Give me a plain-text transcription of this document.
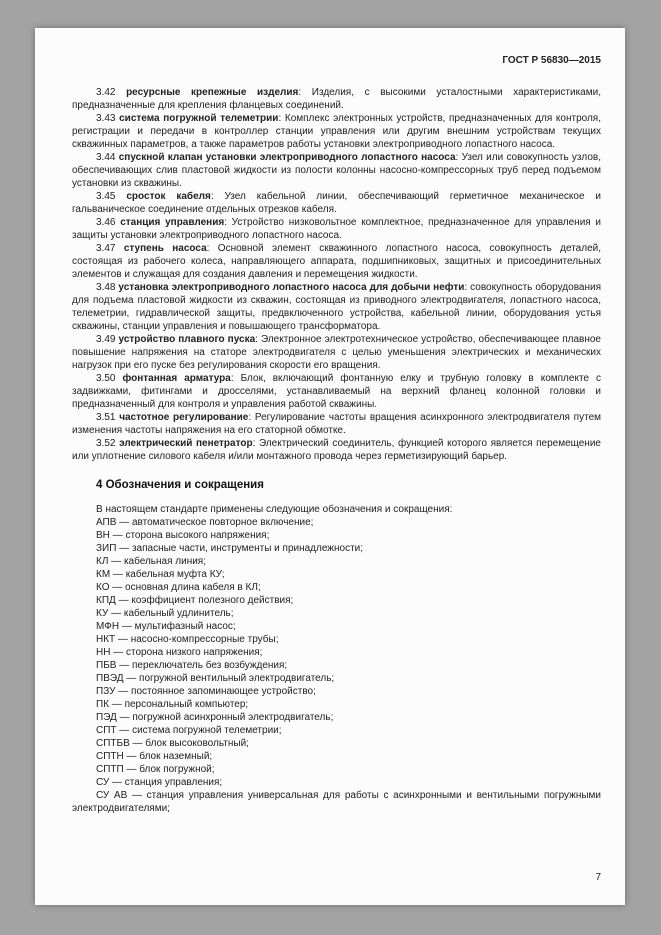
ГОСТ Р 56830—2015

3.42 ресурсные крепежные изделия: Изделия, с высокими усталостными характеристиками, предназначенные для крепления фланцевых соединений.

3.43 система погружной телеметрии: Комплекс электронных устройств, предназначенных для контроля, регистрации и передачи в контроллер станции управления или другим внешним устройствам текущих скважинных параметров, а также параметров работы установки электроприводного лопастного насоса.

3.44 спускной клапан установки электроприводного лопастного насоса: Узел или совокупность узлов, обеспечивающих слив пластовой жидкости из полости колонны насосно-компрессорных труб перед подъемом установки из скважины.

3.45 сросток кабеля: Узел кабельной линии, обеспечивающий герметичное механическое и гальваническое соединение отдельных отрезков кабеля.

3.46 станция управления: Устройство низковольтное комплектное, предназначенное для управления и защиты установки электроприводного лопастного насоса.

3.47 ступень насоса: Основной элемент скважинного лопастного насоса, совокупность деталей, состоящая из рабочего колеса, направляющего аппарата, подшипниковых, защитных и присоединительных элементов и служащая для создания давления и перемещения жидкости.

3.48 установка электроприводного лопастного насоса для добычи нефти: совокупность оборудования для подъема пластовой жидкости из скважин, состоящая из приводного электродвигателя, лопастного насоса, телеметрии, гидравлической защиты, предвключенного устройства, кабельной линии, оборудования устья скважины, станции управления и повышающего трансформатора.

3.49 устройство плавного пуска: Электронное электротехническое устройство, обеспечивающее плавное повышение напряжения на статоре электродвигателя с целью уменьшения электрических и механических нагрузок при его пуске без регулирования скорости его вращения.

3.50 фонтанная арматура: Блок, включающий фонтанную елку и трубную головку в комплекте с задвижками, фитингами и дросселями, устанавливаемый на верхний фланец колонной головки и предназначенный для контроля и управления работой скважины.

3.51 частотное регулирование: Регулирование частоты вращения асинхронного электродвигателя путем изменения частоты напряжения на его статорной обмотке.

3.52 электрический пенетратор: Электрический соединитель, функцией которого является перемещение или уплотнение силового кабеля и/или монтажного провода через герметизирующий барьер.

4 Обозначения и сокращения

В настоящем стандарте применены следующие обозначения и сокращения:

АПВ — автоматическое повторное включение;

ВН — сторона высокого напряжения;

ЗИП — запасные части, инструменты и принадлежности;

КЛ — кабельная линия;

КМ — кабельная муфта КУ;

КО — основная длина кабеля в КЛ;

КПД — коэффициент полезного действия;

КУ — кабельный удлинитель;

МФН — мультифазный насос;

НКТ — насосно-компрессорные трубы;

НН — сторона низкого напряжения;

ПБВ — переключатель без возбуждения;

ПВЭД — погружной вентильный электродвигатель;

ПЗУ — постоянное запоминающее устройство;

ПК — персональный компьютер;

ПЭД — погружной асинхронный электродвигатель;

СПТ — система погружной телеметрии;

СПТБВ — блок высоковольтный;

СПТН — блок наземный;

СПТП — блок погружной;

СУ — станция управления;

СУ АВ — станция управления универсальная для работы с асинхронными и вентильными погружными электродвигателями;

7
